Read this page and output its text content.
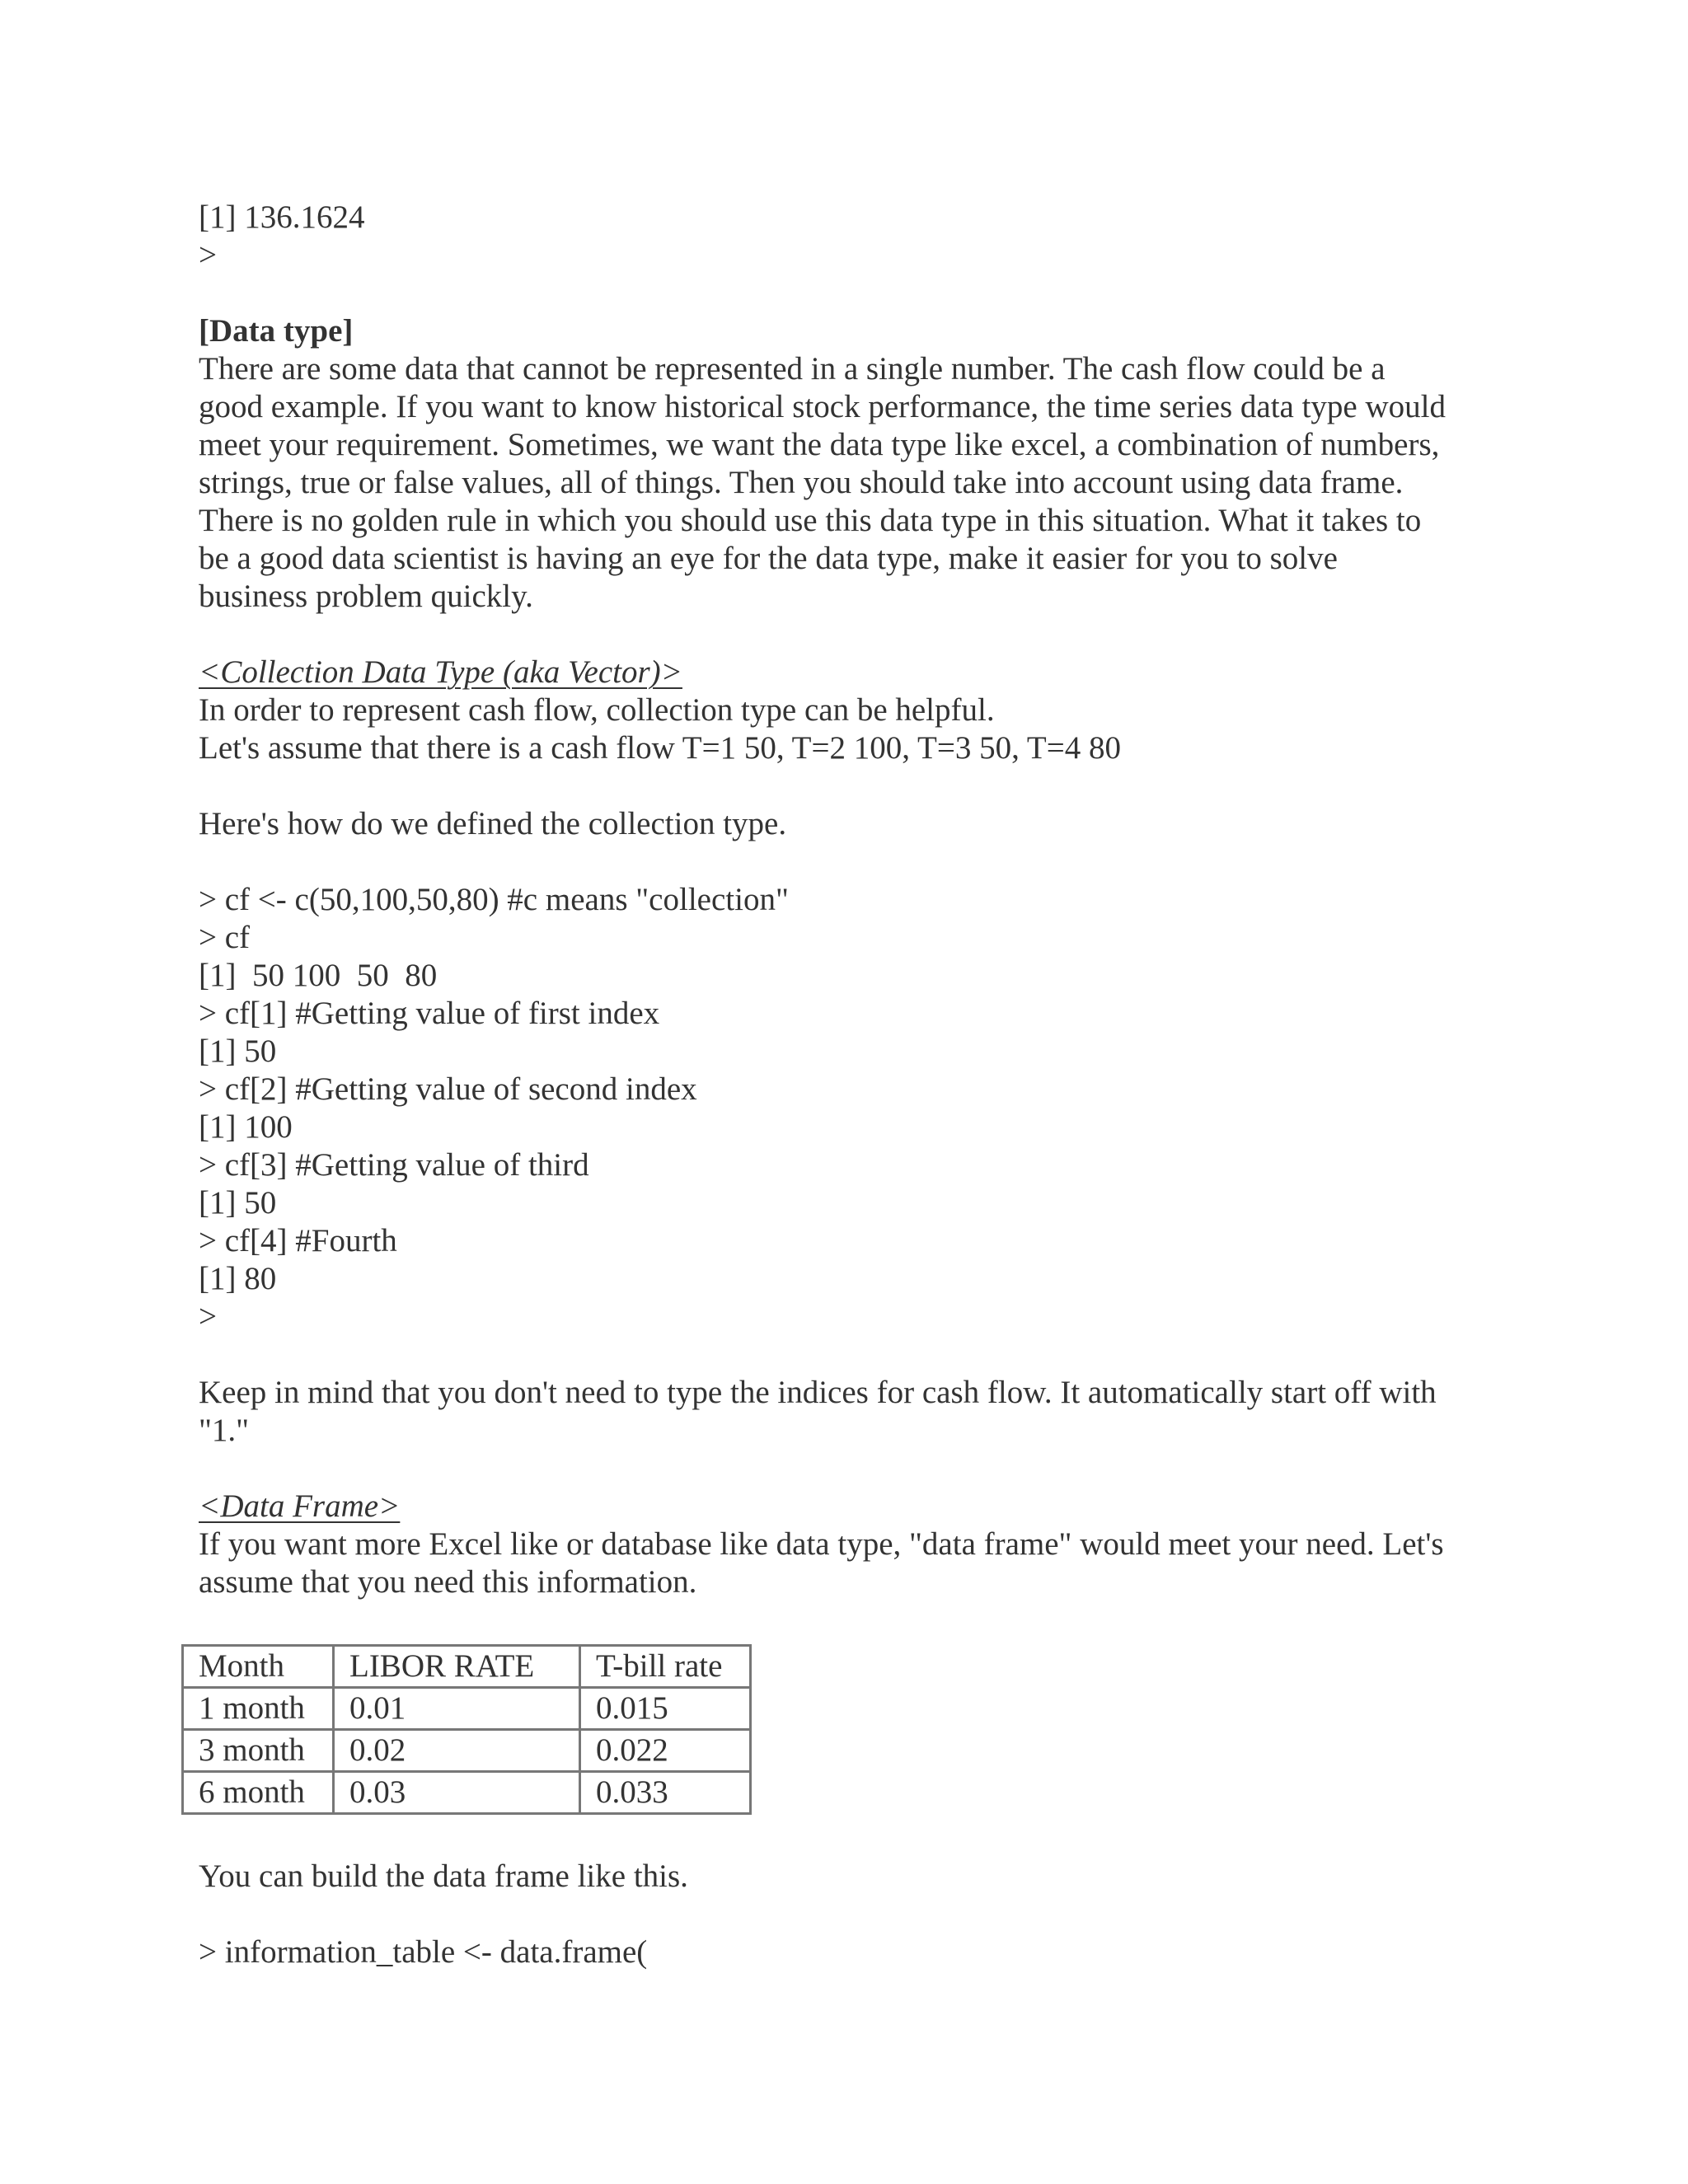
[1] 136.1624
>
[Data type]
There are some data that cannot be represented in a single number. The cash flow could be a
good example. If you want to know historical stock performance, the time series data type would
meet your requirement. Sometimes, we want the data type like excel, a combination of numbers,
strings, true or false values, all of things. Then you should take into account using data frame.
There is no golden rule in which you should use this data type in this situation. What it takes to
be a good data scientist is having an eye for the data type, make it easier for you to solve
business problem quickly.
<Collection Data Type (aka Vector)>
In order to represent cash flow, collection type can be helpful.
Let's assume that there is a cash flow T=1 50, T=2 100, T=3 50, T=4 80
Here's how do we defined the collection type.
> cf <- c(50,100,50,80) #c means "collection"
> cf
[1]  50 100  50  80
> cf[1] #Getting value of first index
[1] 50
> cf[2] #Getting value of second index
[1] 100
> cf[3] #Getting value of third
[1] 50
> cf[4] #Fourth
[1] 80
>
Keep in mind that you don't need to type the indices for cash flow. It automatically start off with
"1."
<Data Frame>
If you want more Excel like or database like data type, "data frame" would meet your need. Let's
assume that you need this information.
Month	LIBOR RATE	T-bill rate
1 month	0.01	0.015
3 month	0.02	0.022
6 month	0.03	0.033
You can build the data frame like this.
> information_table <- data.frame(
